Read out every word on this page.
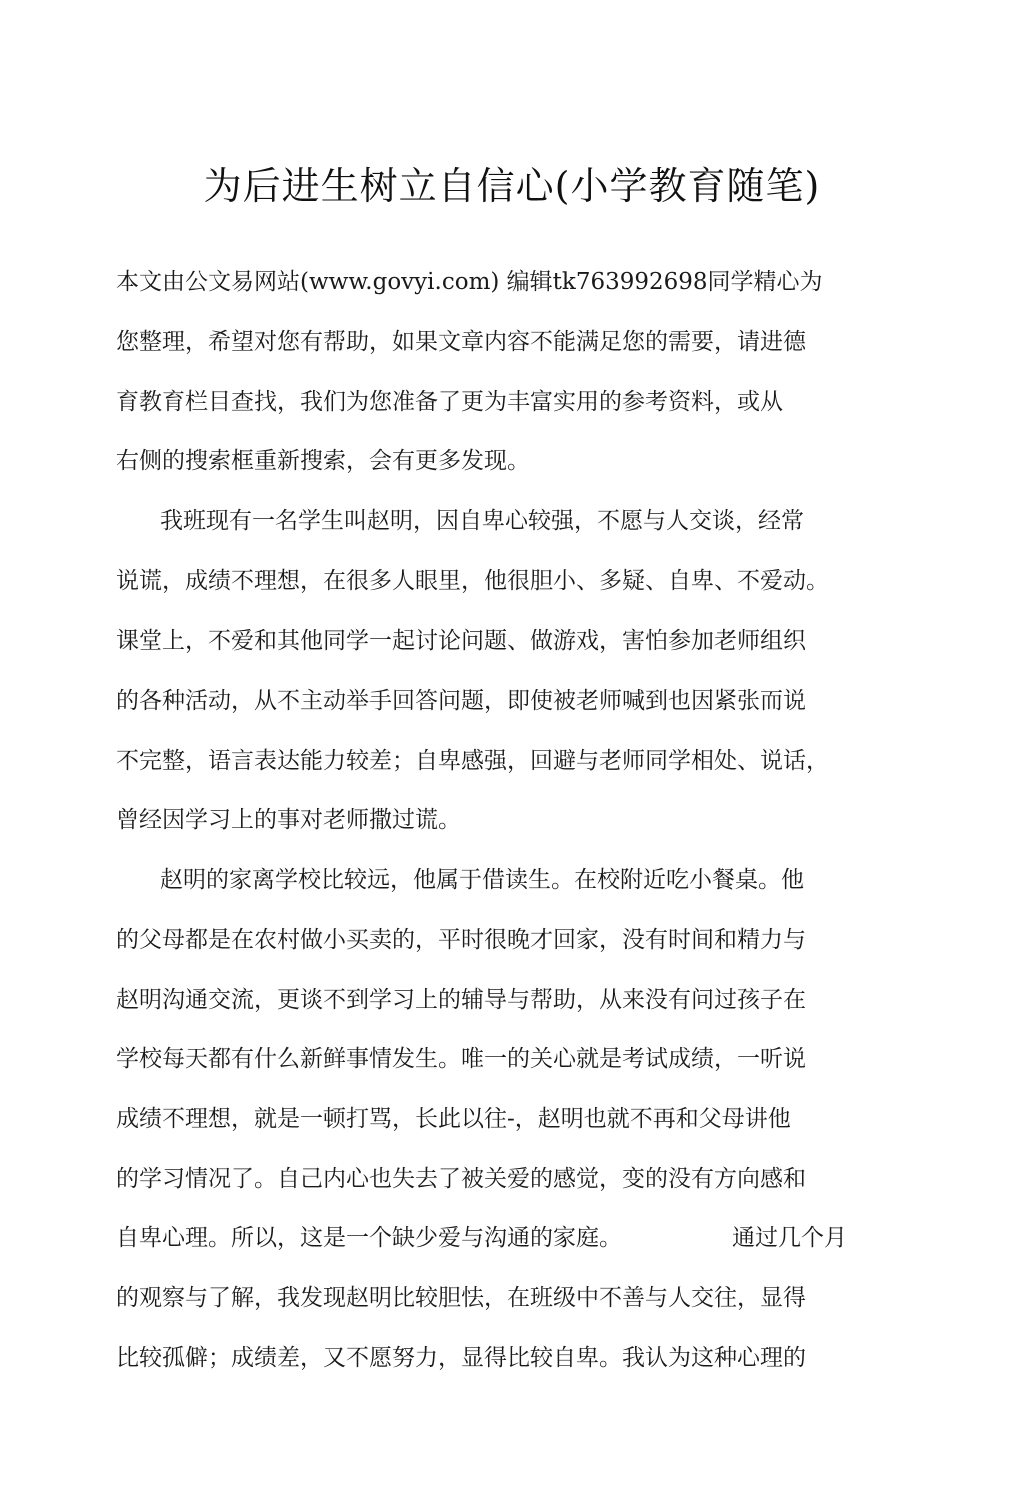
为后进生树立自信心(小学教育随笔)

本文由公文易网站(www.govyi.com) 编辑tk763992698同学精心为

您整理，希望对您有帮助，如果文章内容不能满足您的需要，请进德

育教育栏目查找，我们为您准备了更为丰富实用的参考资料，或从

右侧的搜索框重新搜索，会有更多发现。

我班现有一名学生叫赵明，因自卑心较强，不愿与人交谈，经常

说谎，成绩不理想，在很多人眼里，他很胆小、多疑、自卑、不爱动。

课堂上，不爱和其他同学一起讨论问题、做游戏，害怕参加老师组织

的各种活动，从不主动举手回答问题，即使被老师喊到也因紧张而说

不完整，语言表达能力较差；自卑感强，回避与老师同学相处、说话，

曾经因学习上的事对老师撒过谎。

赵明的家离学校比较远，他属于借读生。在校附近吃小餐桌。他

的父母都是在农村做小买卖的，平时很晚才回家，没有时间和精力与

赵明沟通交流，更谈不到学习上的辅导与帮助，从来没有问过孩子在

学校每天都有什么新鲜事情发生。唯一的关心就是考试成绩，一听说

成绩不理想，就是一顿打骂，长此以往-，赵明也就不再和父母讲他

的学习情况了。自己内心也失去了被关爱的感觉，变的没有方向感和

自卑心理。所以，这是一个缺少爱与沟通的家庭。	通过几个月

的观察与了解，我发现赵明比较胆怯，在班级中不善与人交往，显得

比较孤僻；成绩差，又不愿努力，显得比较自卑。我认为这种心理的
